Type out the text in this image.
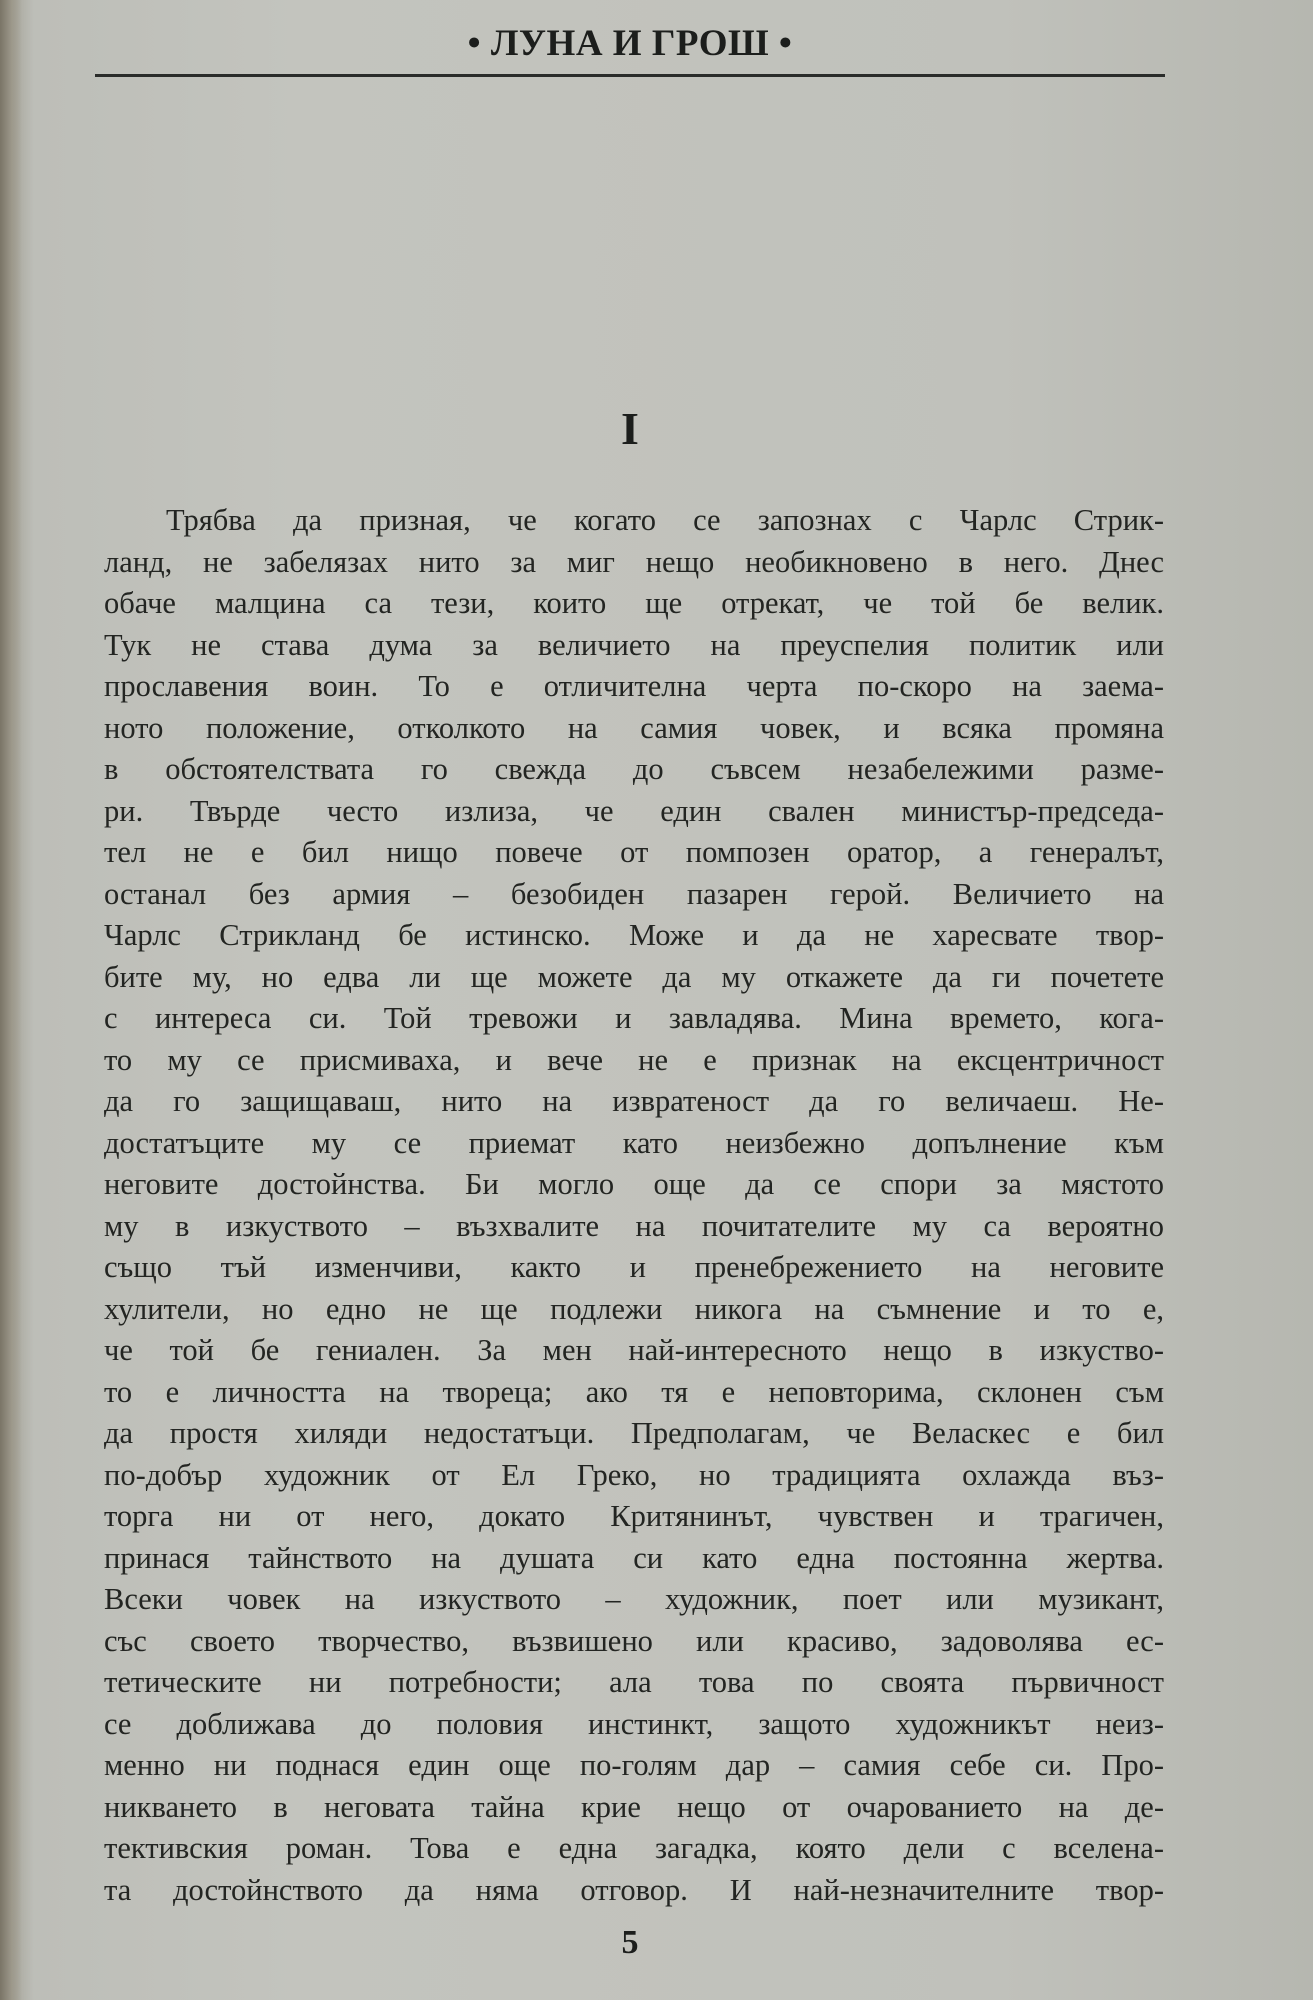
• ЛУНА И ГРОШ •
I
Трябва да призная, че когато се запознах с Чарлс Стрик-
ланд, не забелязах нито за миг нещо необикновено в него. Днес
обаче малцина са тези, които ще отрекат, че той бе велик.
Тук не става дума за величието на преуспелия политик или
прославения воин. То е отличителна черта по-скоро на заема-
ното положение, отколкото на самия човек, и всяка промяна
в обстоятелствата го свежда до съвсем незабележими разме-
ри. Твърде често излиза, че един свален министър-председа-
тел не е бил нищо повече от помпозен оратор, а генералът,
останал без армия – безобиден пазарен герой. Величието на
Чарлс Стрикланд бе истинско. Може и да не харесвате твор-
бите му, но едва ли ще можете да му откажете да ги почетете
с интереса си. Той тревожи и завладява. Мина времето, кога-
то му се присмиваха, и вече не е признак на ексцентричност
да го защищаваш, нито на извратеност да го величаеш. Не-
достатъците му се приемат като неизбежно допълнение към
неговите достойнства. Би могло още да се спори за мястото
му в изкуството – възхвалите на почитателите му са вероятно
също тъй изменчиви, както и пренебрежението на неговите
хулители, но едно не ще подлежи никога на съмнение и то е,
че той бе гениален. За мен най-интересното нещо в изкуство-
то е личността на твореца; ако тя е неповторима, склонен съм
да простя хиляди недостатъци. Предполагам, че Веласкес е бил
по-добър художник от Ел Греко, но традицията охлажда въз-
торга ни от него, докато Критянинът, чувствен и трагичен,
принася тайнството на душата си като една постоянна жертва.
Всеки човек на изкуството – художник, поет или музикант,
със своето творчество, възвишено или красиво, задоволява ес-
тетическите ни потребности; ала това по своята първичност
се доближава до половия инстинкт, защото художникът неиз-
менно ни поднася един още по-голям дар – самия себе си. Про-
никването в неговата тайна крие нещо от очарованието на де-
тективския роман. Това е една загадка, която дели с вселена-
та достойнството да няма отговор. И най-незначителните твор-
5
